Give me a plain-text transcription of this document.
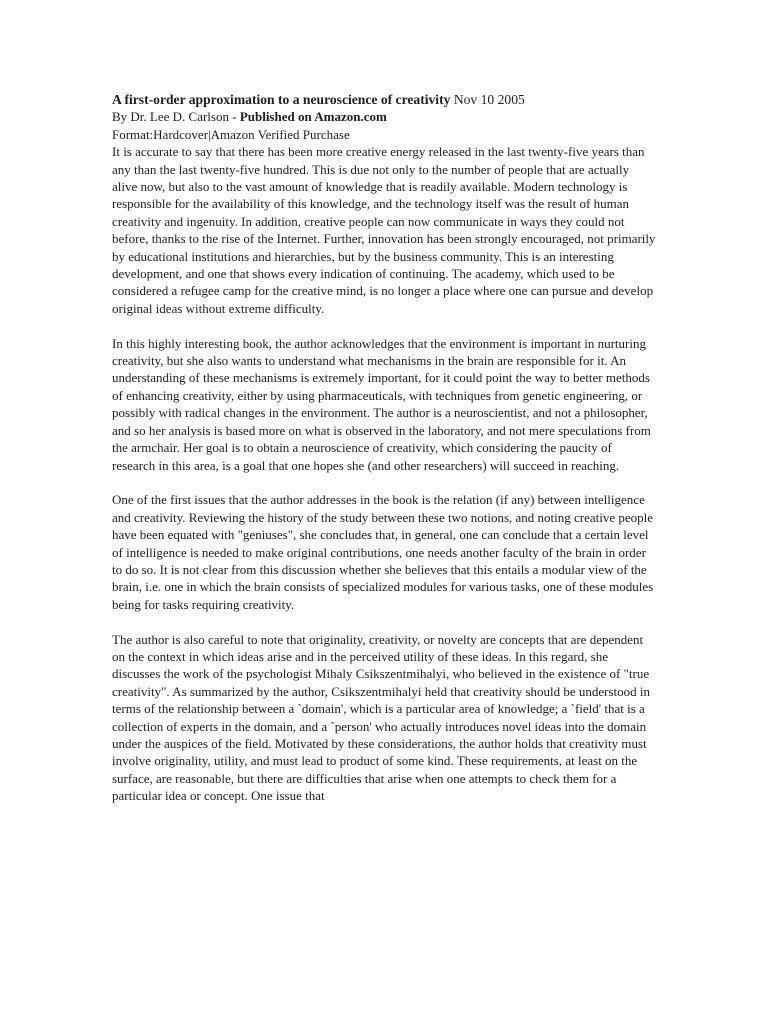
A first-order approximation to a neuroscience of creativity Nov 10 2005
By Dr. Lee D. Carlson - Published on Amazon.com
Format:Hardcover|Amazon Verified Purchase

It is accurate to say that there has been more creative energy released in the last twenty-five years than any than the last twenty-five hundred. This is due not only to the number of people that are actually alive now, but also to the vast amount of knowledge that is readily available. Modern technology is responsible for the availability of this knowledge, and the technology itself was the result of human creativity and ingenuity. In addition, creative people can now communicate in ways they could not before, thanks to the rise of the Internet. Further, innovation has been strongly encouraged, not primarily by educational institutions and hierarchies, but by the business community. This is an interesting development, and one that shows every indication of continuing. The academy, which used to be considered a refugee camp for the creative mind, is no longer a place where one can pursue and develop original ideas without extreme difficulty.

In this highly interesting book, the author acknowledges that the environment is important in nurturing creativity, but she also wants to understand what mechanisms in the brain are responsible for it. An understanding of these mechanisms is extremely important, for it could point the way to better methods of enhancing creativity, either by using pharmaceuticals, with techniques from genetic engineering, or possibly with radical changes in the environment. The author is a neuroscientist, and not a philosopher, and so her analysis is based more on what is observed in the laboratory, and not mere speculations from the armchair. Her goal is to obtain a neuroscience of creativity, which considering the paucity of research in this area, is a goal that one hopes she (and other researchers) will succeed in reaching.

One of the first issues that the author addresses in the book is the relation (if any) between intelligence and creativity. Reviewing the history of the study between these two notions, and noting creative people have been equated with "geniuses", she concludes that, in general, one can conclude that a certain level of intelligence is needed to make original contributions, one needs another faculty of the brain in order to do so. It is not clear from this discussion whether she believes that this entails a modular view of the brain, i.e. one in which the brain consists of specialized modules for various tasks, one of these modules being for tasks requiring creativity.

The author is also careful to note that originality, creativity, or novelty are concepts that are dependent on the context in which ideas arise and in the perceived utility of these ideas. In this regard, she discusses the work of the psychologist Mihaly Csikszentmihalyi, who believed in the existence of "true creativity". As summarized by the author, Csikszentmihalyi held that creativity should be understood in terms of the relationship between a `domain', which is a particular area of knowledge; a `field' that is a collection of experts in the domain, and a `person' who actually introduces novel ideas into the domain under the auspices of the field. Motivated by these considerations, the author holds that creativity must involve originality, utility, and must lead to product of some kind. These requirements, at least on the surface, are reasonable, but there are difficulties that arise when one attempts to check them for a particular idea or concept. One issue that
